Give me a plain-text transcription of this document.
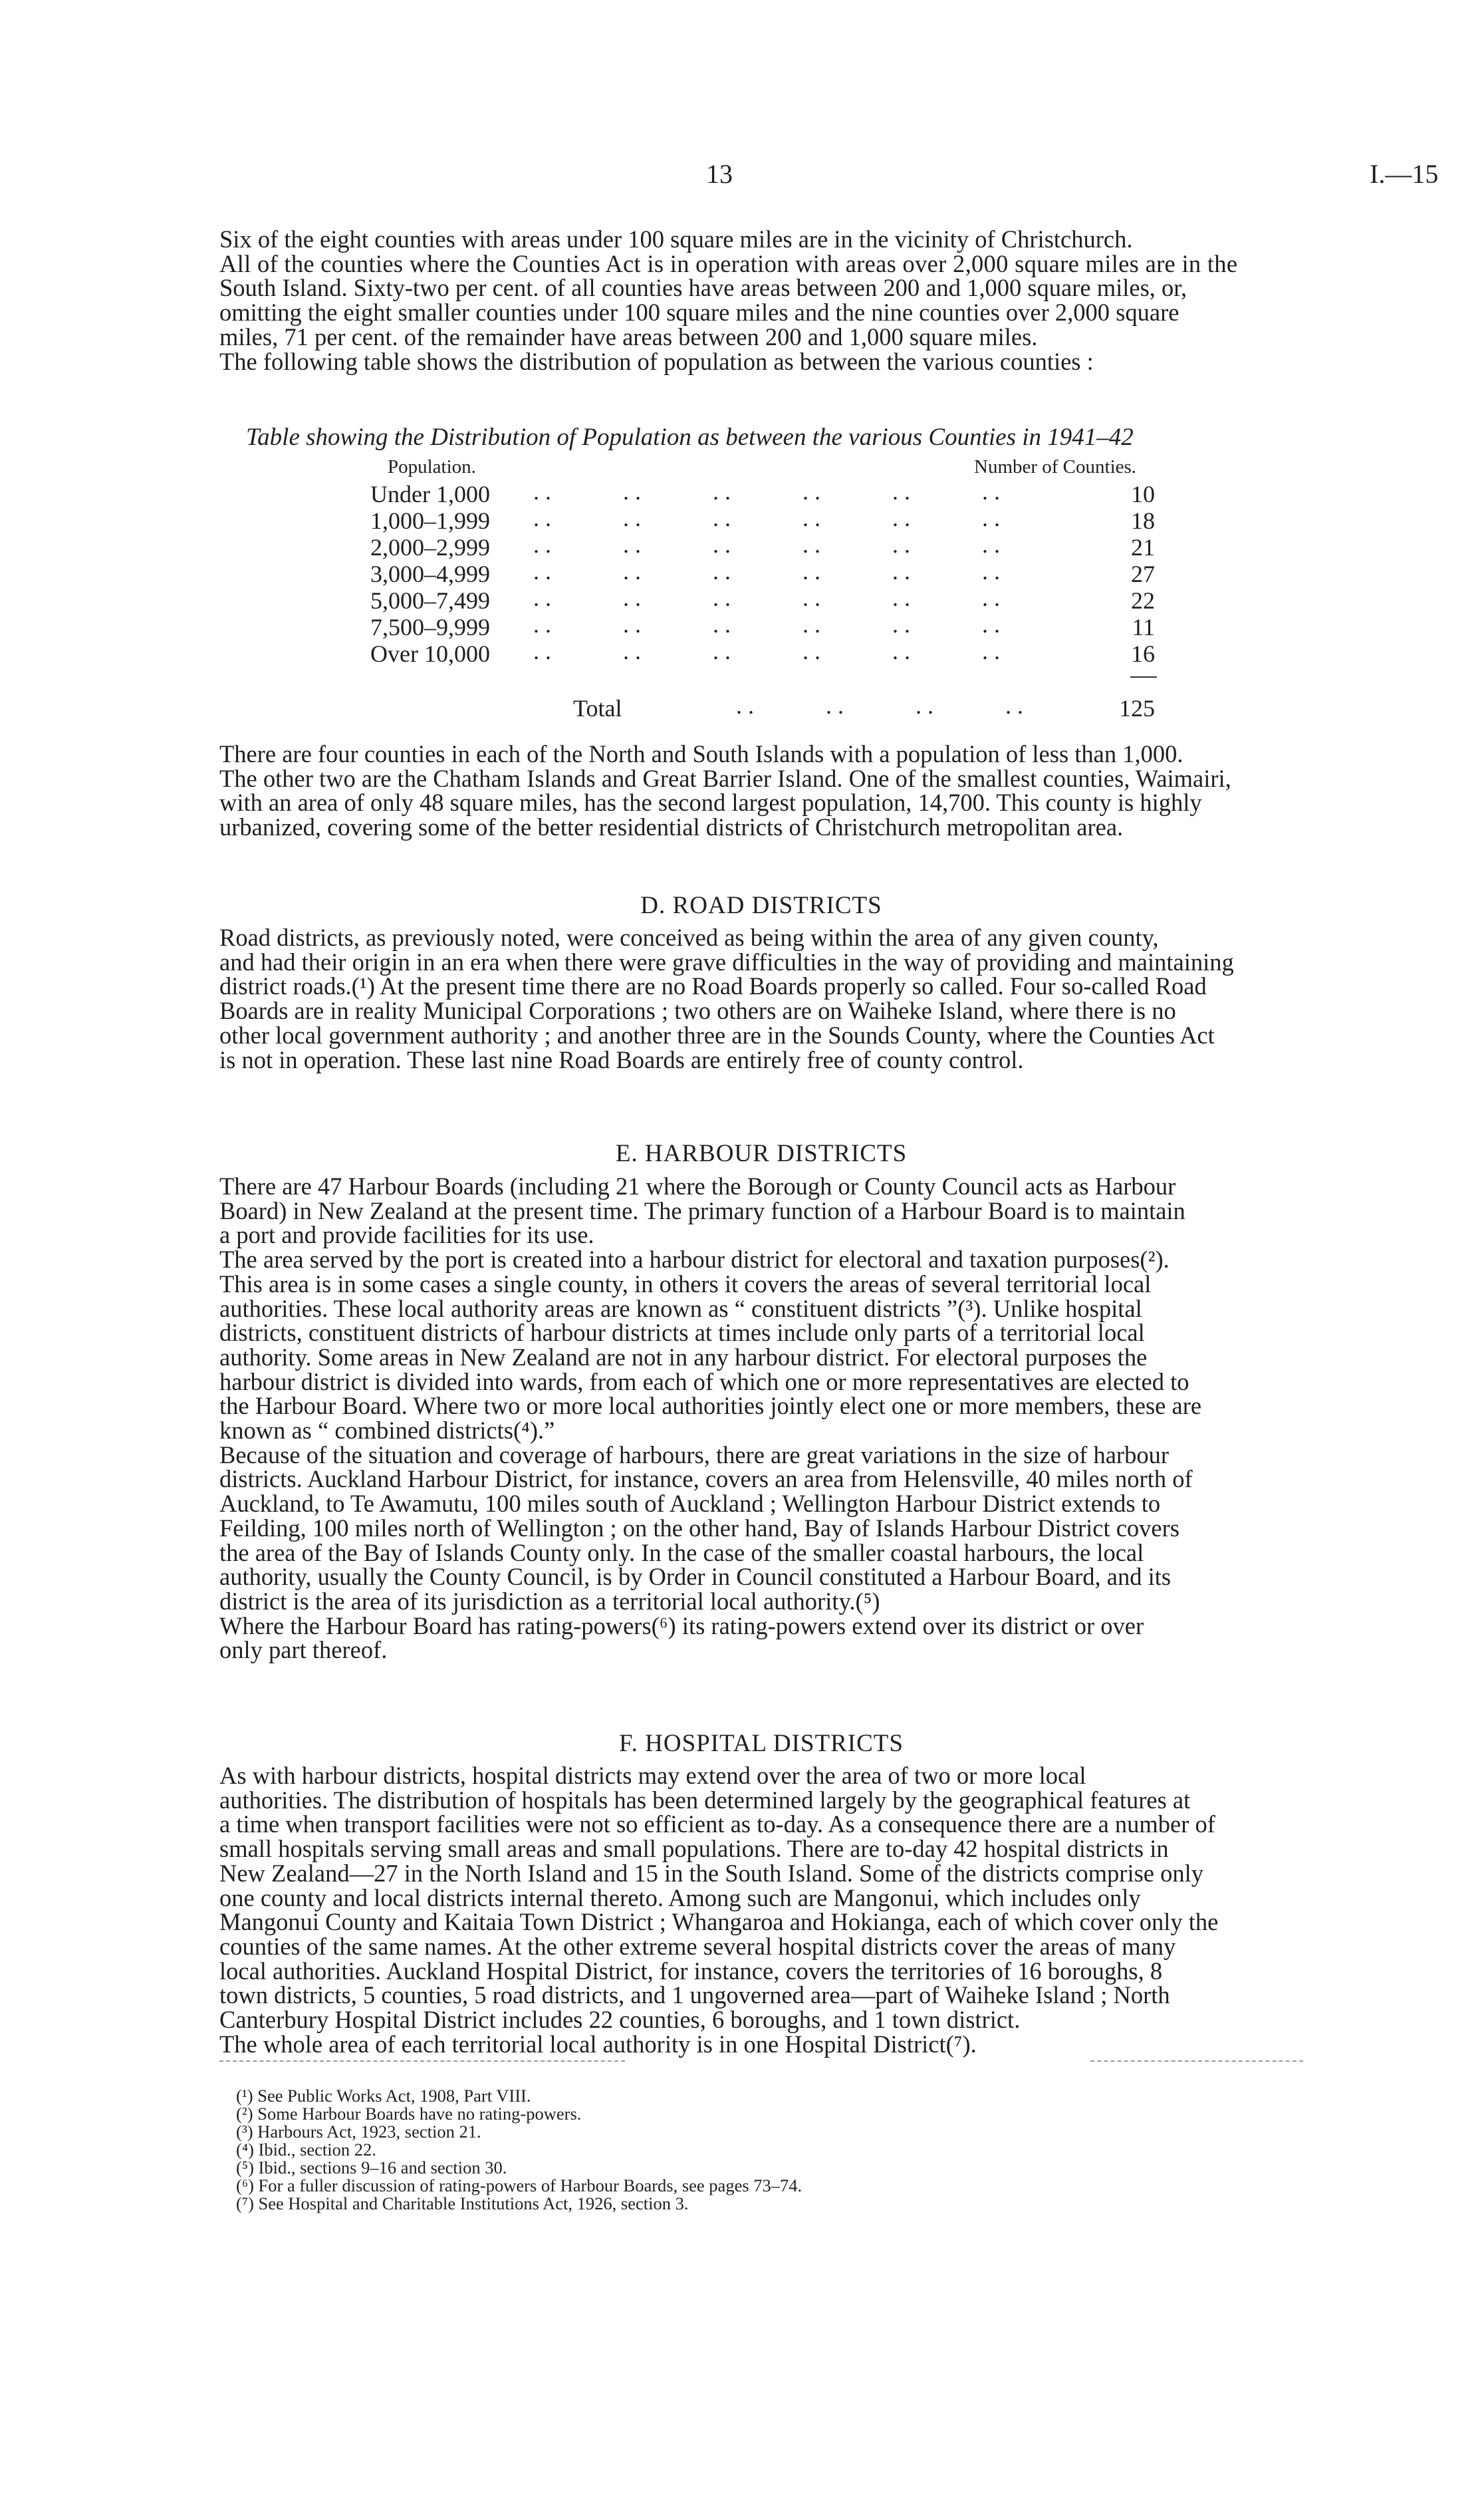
13	I.—15

Six of the eight counties with areas under 100 square miles are in the vicinity of Christchurch.

All of the counties where the Counties Act is in operation with areas over 2,000 square miles are in the

South Island. Sixty-two per cent. of all counties have areas between 200 and 1,000 square miles, or,

omitting the eight smaller counties under 100 square miles and the nine counties over 2,000 square

miles, 71 per cent. of the remainder have areas between 200 and 1,000 square miles.

The following table shows the distribution of population as between the various counties :

Table showing the Distribution of Population as between the various Counties in 1941–42
Population.	Number of Counties.
Under 1,000 . .            . .            . .            . .            . .            . .	10
1,000–1,999 . .            . .            . .            . .            . .            . .	18
2,000–2,999 . .            . .            . .            . .            . .            . .	21
3,000–4,999 . .            . .            . .            . .            . .            . .	27
5,000–7,499 . .            . .            . .            . .            . .            . .	22
7,500–9,999 . .            . .            . .            . .            . .            . .	11
Over 10,000 . .            . .            . .            . .            . .            . .	16
Total	. .            . .            . .            . .	125

There are four counties in each of the North and South Islands with a population of less than 1,000.

The other two are the Chatham Islands and Great Barrier Island. One of the smallest counties, Waimairi,

with an area of only 48 square miles, has the second largest population, 14,700. This county is highly

urbanized, covering some of the better residential districts of Christchurch metropolitan area.

D. ROAD DISTRICTS

Road districts, as previously noted, were conceived as being within the area of any given county,

and had their origin in an era when there were grave difficulties in the way of providing and maintaining

district roads.(¹) At the present time there are no Road Boards properly so called. Four so-called Road

Boards are in reality Municipal Corporations ; two others are on Waiheke Island, where there is no

other local government authority ; and another three are in the Sounds County, where the Counties Act

is not in operation. These last nine Road Boards are entirely free of county control.

E. HARBOUR DISTRICTS

There are 47 Harbour Boards (including 21 where the Borough or County Council acts as Harbour

Board) in New Zealand at the present time. The primary function of a Harbour Board is to maintain

a port and provide facilities for its use.

The area served by the port is created into a harbour district for electoral and taxation purposes(²).

This area is in some cases a single county, in others it covers the areas of several territorial local

authorities. These local authority areas are known as “ constituent districts ”(³). Unlike hospital

districts, constituent districts of harbour districts at times include only parts of a territorial local

authority. Some areas in New Zealand are not in any harbour district. For electoral purposes the

harbour district is divided into wards, from each of which one or more representatives are elected to

the Harbour Board. Where two or more local authorities jointly elect one or more members, these are

known as “ combined districts(⁴).”

Because of the situation and coverage of harbours, there are great variations in the size of harbour

districts. Auckland Harbour District, for instance, covers an area from Helensville, 40 miles north of

Auckland, to Te Awamutu, 100 miles south of Auckland ; Wellington Harbour District extends to

Feilding, 100 miles north of Wellington ; on the other hand, Bay of Islands Harbour District covers

the area of the Bay of Islands County only. In the case of the smaller coastal harbours, the local

authority, usually the County Council, is by Order in Council constituted a Harbour Board, and its

district is the area of its jurisdiction as a territorial local authority.(⁵)

Where the Harbour Board has rating-powers(⁶) its rating-powers extend over its district or over

only part thereof.

F. HOSPITAL DISTRICTS

As with harbour districts, hospital districts may extend over the area of two or more local

authorities. The distribution of hospitals has been determined largely by the geographical features at

a time when transport facilities were not so efficient as to-day. As a consequence there are a number of

small hospitals serving small areas and small populations. There are to-day 42 hospital districts in

New Zealand—27 in the North Island and 15 in the South Island. Some of the districts comprise only

one county and local districts internal thereto. Among such are Mangonui, which includes only

Mangonui County and Kaitaia Town District ; Whangaroa and Hokianga, each of which cover only the

counties of the same names. At the other extreme several hospital districts cover the areas of many

local authorities. Auckland Hospital District, for instance, covers the territories of 16 boroughs, 8

town districts, 5 counties, 5 road districts, and 1 ungoverned area—part of Waiheke Island ; North

Canterbury Hospital District includes 22 counties, 6 boroughs, and 1 town district.

The whole area of each territorial local authority is in one Hospital District(⁷).

(¹) See Public Works Act, 1908, Part VIII.
(²) Some Harbour Boards have no rating-powers.
(³) Harbours Act, 1923, section 21.
(⁴) Ibid., section 22.
(⁵) Ibid., sections 9–16 and section 30.
(⁶) For a fuller discussion of rating-powers of Harbour Boards, see pages 73–74.
(⁷) See Hospital and Charitable Institutions Act, 1926, section 3.
